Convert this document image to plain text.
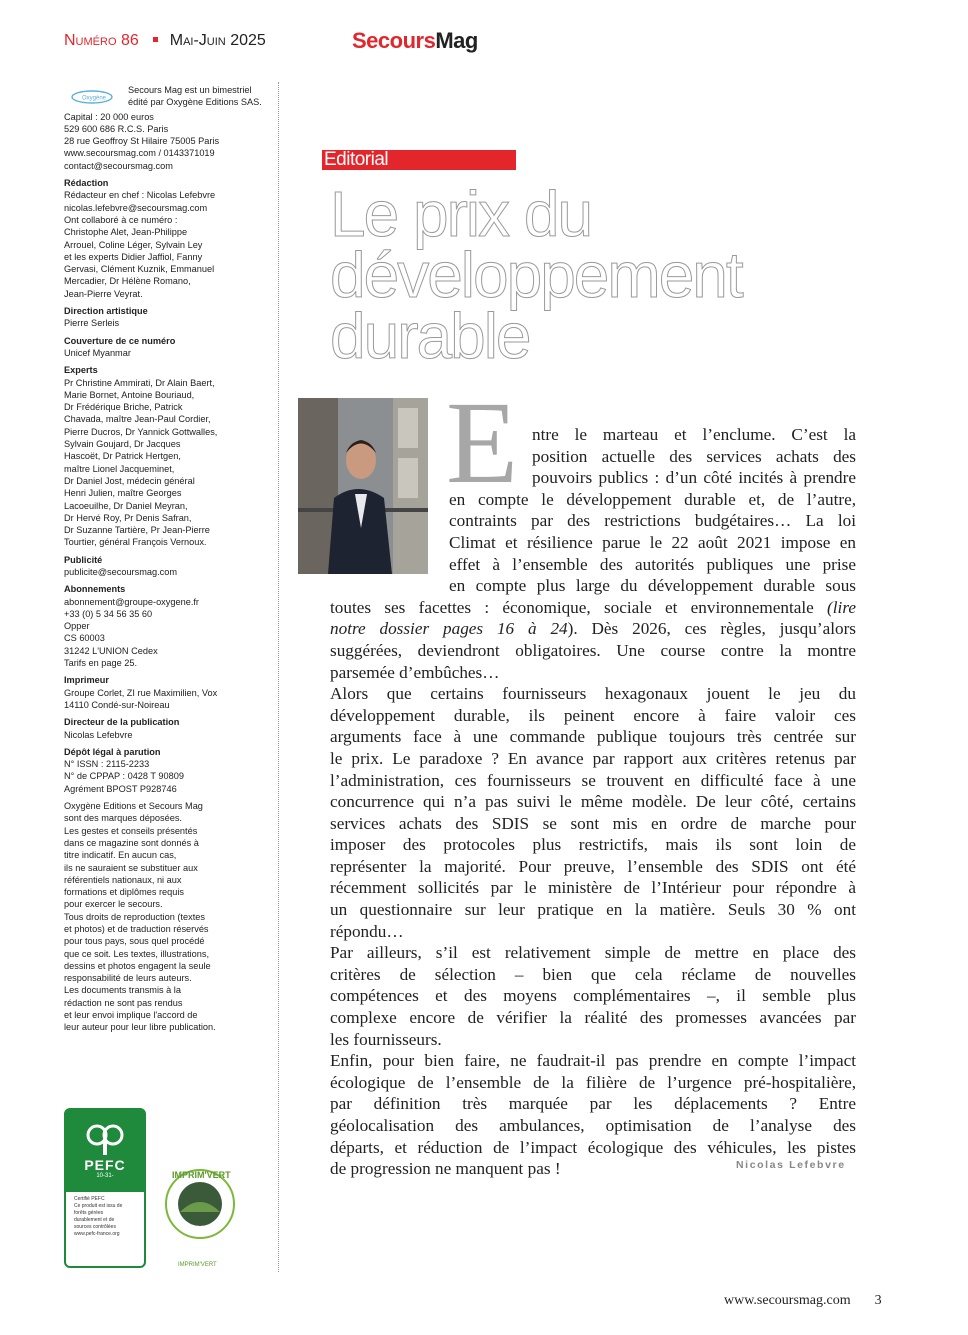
Numéro 86 Mai-Juin 2025	SecoursMag
Oxygène

Secours Mag est un bimestriel édité par Oxygène Editions SAS.

Capital : 20 000 euros
529 600 686 R.C.S. Paris
28 rue Geoffroy St Hilaire 75005 Paris
www.secoursmag.com / 0143371019
contact@secoursmag.com

Rédaction

Rédacteur en chef : Nicolas Lefebvre
nicolas.lefebvre@secoursmag.com
Ont collaboré à ce numéro :
Christophe Alet, Jean-Philippe
Arrouel, Coline Léger, Sylvain Ley
et les experts Didier Jaffiol, Fanny
Gervasi, Clément Kuznik, Emmanuel
Mercadier, Dr Hélène Romano,
Jean-Pierre Veyrat.

Direction artistique

Pierre Serleis

Couverture de ce numéro

Unicef Myanmar

Experts

Pr Christine Ammirati, Dr Alain Baert,
Marie Bornet, Antoine Bouriaud,
Dr Frédérique Briche, Patrick
Chavada, maître Jean-Paul Cordier,
Pierre Ducros, Dr Yannick Gottwalles,
Sylvain Goujard, Dr Jacques
Hascoët, Dr Patrick Hertgen,
maître Lionel Jacqueminet,
Dr Daniel Jost, médecin général
Henri Julien, maître Georges
Lacoeuilhe, Dr Daniel Meyran,
Dr Hervé Roy, Pr Denis Safran,
Dr Suzanne Tartière, Pr Jean-Pierre
Tourtier, général François Vernoux.

Publicité

publicite@secoursmag.com

Abonnements

abonnement@groupe-oxygene.fr
+33 (0) 5 34 56 35 60
Opper
CS 60003
31242 L'UNION Cedex
Tarifs en page 25.

Imprimeur

Groupe Corlet, ZI rue Maximilien, Vox
14110 Condé-sur-Noireau

Directeur de la publication

Nicolas Lefebvre

Dépôt légal à parution

N° ISSN : 2115-2233
N° de CPPAP : 0428 T 90809
Agrément BPOST P928746

Oxygène Editions et Secours Mag
sont des marques déposées.
Les gestes et conseils présentés
dans ce magazine sont donnés à
titre indicatif. En aucun cas,
ils ne sauraient se substituer aux
référentiels nationaux, ni aux
formations et diplômes requis
pour exercer le secours.
Tous droits de reproduction (textes
et photos) et de traduction réservés
pour tous pays, sous quel procédé
que ce soit. Les textes, illustrations,
dessins et photos engagent la seule
responsabilité de leurs auteurs.
Les documents transmis à la
rédaction ne sont pas rendus
et leur envoi implique l'accord de
leur auteur pour leur libre publication.

PEFC
10-31-

Certifié PEFC
Ce produit est issu de
forêts gérées
durablement et de
sources contrôlées
www.pefc-france.org

IMPRIM'VERT
IMPRIM'VERT
Editorial
Le prix du
développement
durable
E ntre le marteau et l’enclume. C’est la
position actuelle des services achats des
pouvoirs publics : d’un côté incités à prendre
en compte le développement durable et, de l’autre,
contraints par des restrictions budgétaires… La loi
Climat et résilience parue le 22 août 2021 impose en
effet à l’ensemble des autorités publiques une prise
en compte plus large du développement durable sous
toutes ses facettes : économique, sociale et environnementale (lire
notre dossier pages 16 à 24). Dès 2026, ces règles, jusqu’alors
suggérées, deviendront obligatoires. Une course contre la montre
parsemée d’embûches…
Alors que certains fournisseurs hexagonaux jouent le jeu du
développement durable, ils peinent encore à faire valoir ces
arguments face à une commande publique toujours très centrée sur
le prix. Le paradoxe ? En avance par rapport aux critères retenus par
l’administration, ces fournisseurs se trouvent en difficulté face à une
concurrence qui n’a pas suivi le même modèle. De leur côté, certains
services achats des SDIS se sont mis en ordre de marche pour
imposer des protocoles plus restrictifs, mais ils sont loin de
représenter la majorité. Pour preuve, l’ensemble des SDIS ont été
récemment sollicités par le ministère de l’Intérieur pour répondre à
un questionnaire sur leur pratique en la matière. Seuls 30 % ont
répondu…
Par ailleurs, s’il est relativement simple de mettre en place des
critères de sélection – bien que cela réclame de nouvelles
compétences et des moyens complémentaires –, il semble plus
complexe encore de vérifier la réalité des promesses avancées par
les fournisseurs.
Enfin, pour bien faire, ne faudrait-il pas prendre en compte l’impact
écologique de l’ensemble de la filière de l’urgence pré-hospitalière,
par définition très marquée par les déplacements ? Entre
géolocalisation des ambulances, optimisation de l’analyse des
départs, et réduction de l’impact écologique des véhicules, les pistes
de progression ne manquent pas !	Nicolas Lefebvre
www.secoursmag.com 3
